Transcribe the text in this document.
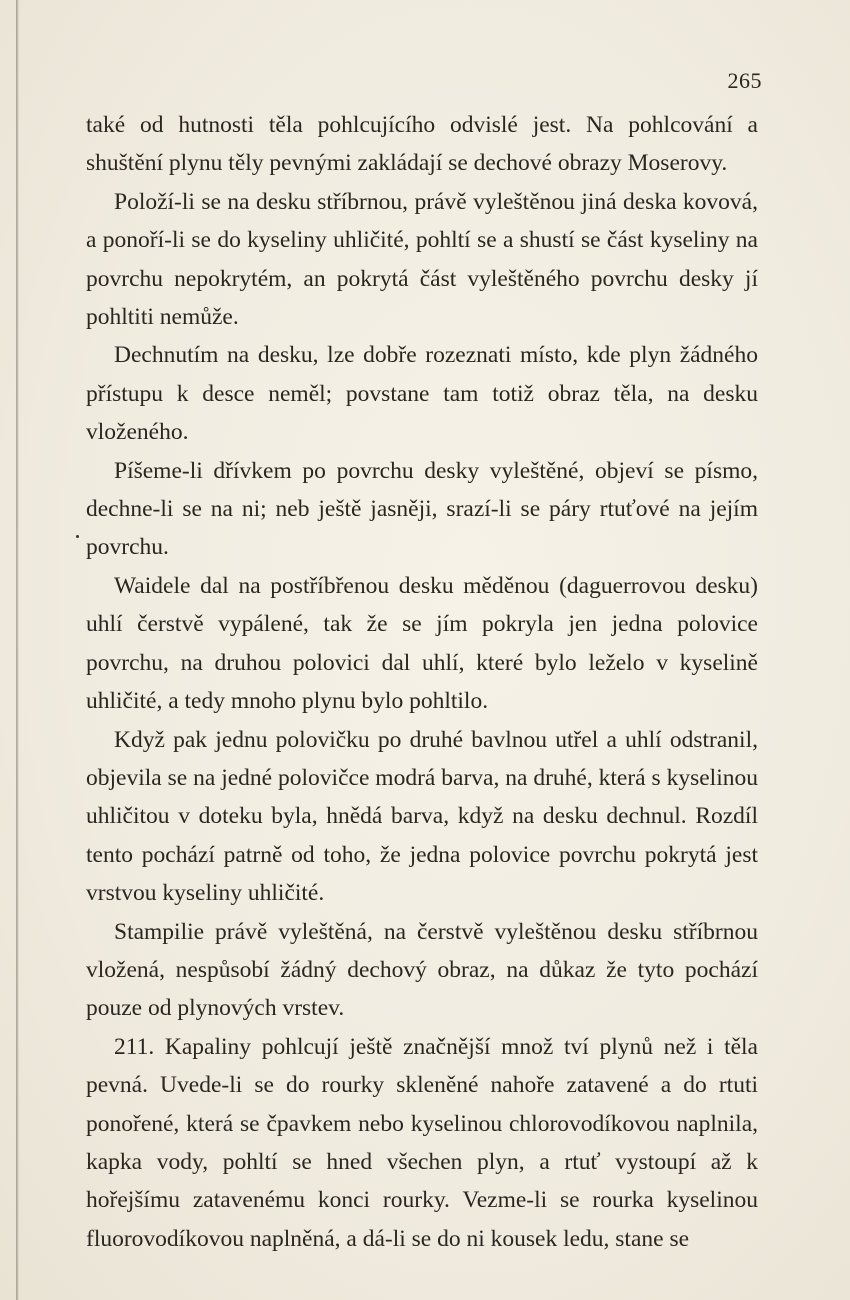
265

také od hutnosti těla pohlcujícího odvislé jest. Na pohlcování a shuštění plynu těly pevnými zakládají se dechové obrazy Moserovy.

Položí-li se na desku stříbrnou, právě vyleštěnou jiná deska kovová, a ponoří-li se do kyseliny uhličité, pohltí se a shustí se část kyseliny na povrchu nepokrytém, an pokrytá část vyleštěného povrchu desky jí pohltiti nemůže.

Dechnutím na desku, lze dobře rozeznati místo, kde plyn žádného přístupu k desce neměl; povstane tam totiž obraz těla, na desku vloženého.

Píšeme-li dřívkem po povrchu desky vyleštěné, objeví se písmo, dechne-li se na ni; neb ještě jasněji, srazí-li se páry rtuťové na jejím povrchu.

Waidele dal na postříbřenou desku měděnou (daguerrovou desku) uhlí čerstvě vypálené, tak že se jím pokryla jen jedna polovice povrchu, na druhou polovici dal uhlí, které bylo leželo v kyselině uhličité, a tedy mnoho plynu bylo pohltilo.

Když pak jednu polovičku po druhé bavlnou utřel a uhlí odstranil, objevila se na jedné polovičce modrá barva, na druhé, která s kyselinou uhličitou v doteku byla, hnědá barva, když na desku dechnul. Rozdíl tento pochází patrně od toho, že jedna polovice povrchu pokrytá jest vrstvou kyseliny uhličité.

Stampilie právě vyleštěná, na čerstvě vyleštěnou desku stříbrnou vložená, nespůsobí žádný dechový obraz, na důkaz že tyto pochází pouze od plynových vrstev.

211. Kapaliny pohlcují ještě značnější množ tví plynů než i těla pevná. Uvede-li se do rourky skleněné nahoře zatavené a do rtuti ponořené, která se čpavkem nebo kyselinou chlorovodíkovou naplnila, kapka vody, pohltí se hned všechen plyn, a rtuť vystoupí až k hořejšímu zatavenému konci rourky. Vezme-li se rourka kyselinou fluorovodíkovou naplněná, a dá-li se do ni kousek ledu, stane se
